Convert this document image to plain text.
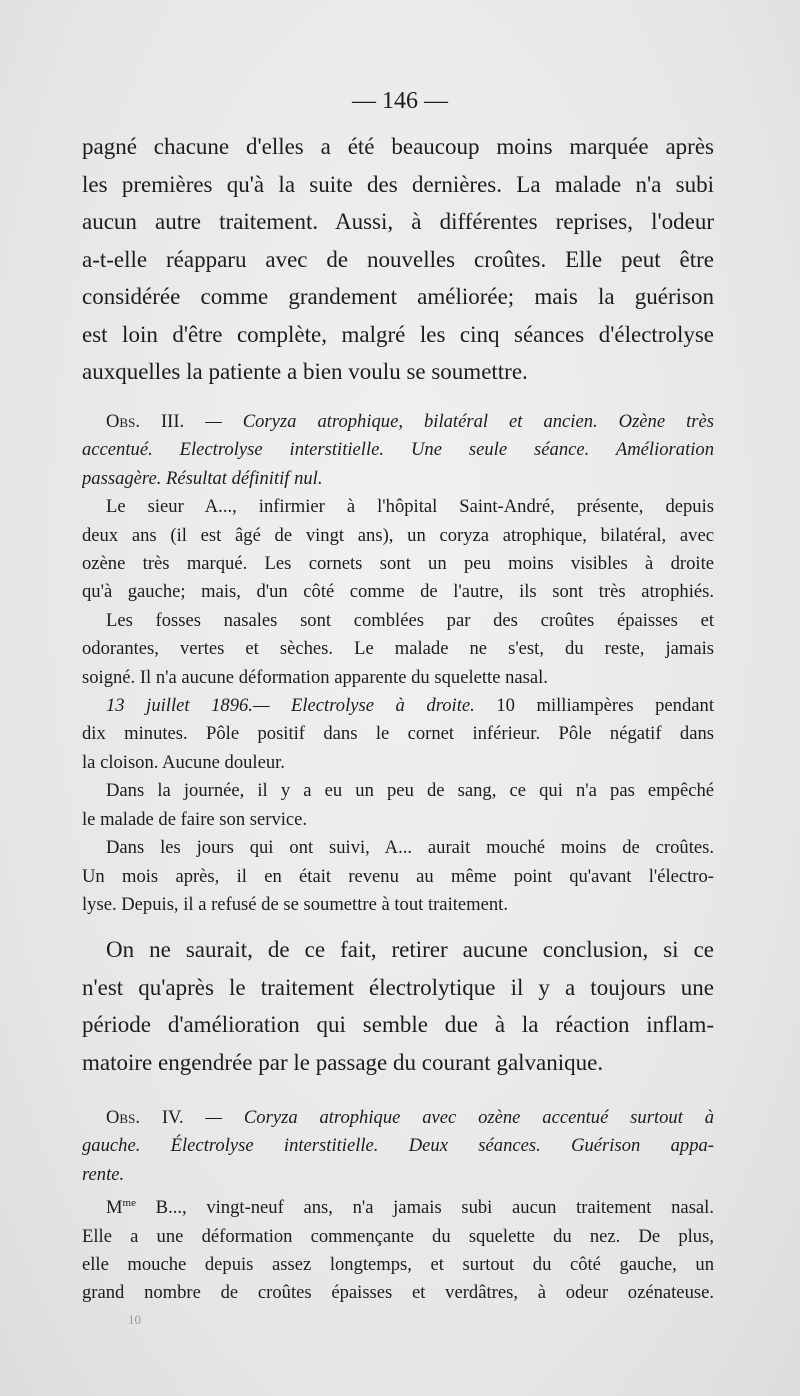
— 146 —
pagné chacune d'elles a été beaucoup moins marquée après
les premières qu'à la suite des dernières. La malade n'a subi
aucun autre traitement. Aussi, à différentes reprises, l'odeur
a-t-elle réapparu avec de nouvelles croûtes. Elle peut être
considérée comme grandement améliorée; mais la guérison
est loin d'être complète, malgré les cinq séances d'électrolyse
auxquelles la patiente a bien voulu se soumettre.
Obs. III. — Coryza atrophique, bilatéral et ancien. Ozène très
accentué. Electrolyse interstitielle. Une seule séance. Amélioration
passagère. Résultat définitif nul.
Le sieur A..., infirmier à l'hôpital Saint-André, présente, depuis
deux ans (il est âgé de vingt ans), un coryza atrophique, bilatéral, avec
ozène très marqué. Les cornets sont un peu moins visibles à droite
qu'à gauche; mais, d'un côté comme de l'autre, ils sont très atrophiés.
Les fosses nasales sont comblées par des croûtes épaisses et
odorantes, vertes et sèches. Le malade ne s'est, du reste, jamais
soigné. Il n'a aucune déformation apparente du squelette nasal.
13 juillet 1896.— Electrolyse à droite. 10 milliampères pendant
dix minutes. Pôle positif dans le cornet inférieur. Pôle négatif dans
la cloison. Aucune douleur.
Dans la journée, il y a eu un peu de sang, ce qui n'a pas empêché
le malade de faire son service.
Dans les jours qui ont suivi, A... aurait mouché moins de croûtes.
Un mois après, il en était revenu au même point qu'avant l'électro-
lyse. Depuis, il a refusé de se soumettre à tout traitement.
On ne saurait, de ce fait, retirer aucune conclusion, si ce
n'est qu'après le traitement électrolytique il y a toujours une
période d'amélioration qui semble due à la réaction inflam-
matoire engendrée par le passage du courant galvanique.
Obs. IV. — Coryza atrophique avec ozène accentué surtout à
gauche. Électrolyse interstitielle. Deux séances. Guérison appa-
rente.
$M^{me}$ B..., vingt-neuf ans, n'a jamais subi aucun traitement nasal.
Elle a une déformation commençante du squelette du nez. De plus,
elle mouche depuis assez longtemps, et surtout du côté gauche, un
grand nombre de croûtes épaisses et verdâtres, à odeur ozénateuse.
10
